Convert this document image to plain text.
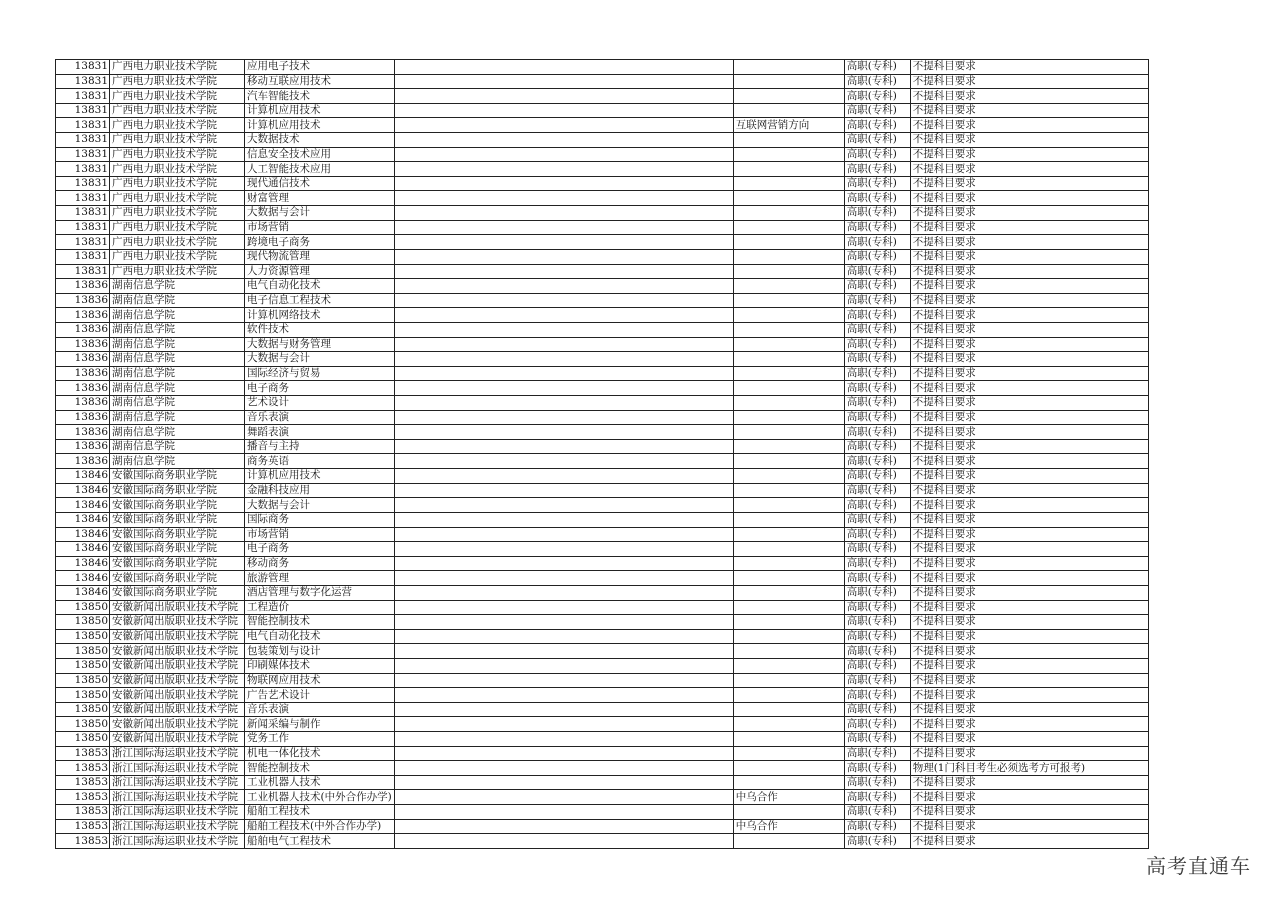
13831	广西电力职业技术学院	应用电子技术			高职(专科)	不提科目要求
13831	广西电力职业技术学院	移动互联应用技术			高职(专科)	不提科目要求
13831	广西电力职业技术学院	汽车智能技术			高职(专科)	不提科目要求
13831	广西电力职业技术学院	计算机应用技术			高职(专科)	不提科目要求
13831	广西电力职业技术学院	计算机应用技术		互联网营销方向	高职(专科)	不提科目要求
13831	广西电力职业技术学院	大数据技术			高职(专科)	不提科目要求
13831	广西电力职业技术学院	信息安全技术应用			高职(专科)	不提科目要求
13831	广西电力职业技术学院	人工智能技术应用			高职(专科)	不提科目要求
13831	广西电力职业技术学院	现代通信技术			高职(专科)	不提科目要求
13831	广西电力职业技术学院	财富管理			高职(专科)	不提科目要求
13831	广西电力职业技术学院	大数据与会计			高职(专科)	不提科目要求
13831	广西电力职业技术学院	市场营销			高职(专科)	不提科目要求
13831	广西电力职业技术学院	跨境电子商务			高职(专科)	不提科目要求
13831	广西电力职业技术学院	现代物流管理			高职(专科)	不提科目要求
13831	广西电力职业技术学院	人力资源管理			高职(专科)	不提科目要求
13836	湖南信息学院	电气自动化技术			高职(专科)	不提科目要求
13836	湖南信息学院	电子信息工程技术			高职(专科)	不提科目要求
13836	湖南信息学院	计算机网络技术			高职(专科)	不提科目要求
13836	湖南信息学院	软件技术			高职(专科)	不提科目要求
13836	湖南信息学院	大数据与财务管理			高职(专科)	不提科目要求
13836	湖南信息学院	大数据与会计			高职(专科)	不提科目要求
13836	湖南信息学院	国际经济与贸易			高职(专科)	不提科目要求
13836	湖南信息学院	电子商务			高职(专科)	不提科目要求
13836	湖南信息学院	艺术设计			高职(专科)	不提科目要求
13836	湖南信息学院	音乐表演			高职(专科)	不提科目要求
13836	湖南信息学院	舞蹈表演			高职(专科)	不提科目要求
13836	湖南信息学院	播音与主持			高职(专科)	不提科目要求
13836	湖南信息学院	商务英语			高职(专科)	不提科目要求
13846	安徽国际商务职业学院	计算机应用技术			高职(专科)	不提科目要求
13846	安徽国际商务职业学院	金融科技应用			高职(专科)	不提科目要求
13846	安徽国际商务职业学院	大数据与会计			高职(专科)	不提科目要求
13846	安徽国际商务职业学院	国际商务			高职(专科)	不提科目要求
13846	安徽国际商务职业学院	市场营销			高职(专科)	不提科目要求
13846	安徽国际商务职业学院	电子商务			高职(专科)	不提科目要求
13846	安徽国际商务职业学院	移动商务			高职(专科)	不提科目要求
13846	安徽国际商务职业学院	旅游管理			高职(专科)	不提科目要求
13846	安徽国际商务职业学院	酒店管理与数字化运营			高职(专科)	不提科目要求
13850	安徽新闻出版职业技术学院	工程造价			高职(专科)	不提科目要求
13850	安徽新闻出版职业技术学院	智能控制技术			高职(专科)	不提科目要求
13850	安徽新闻出版职业技术学院	电气自动化技术			高职(专科)	不提科目要求
13850	安徽新闻出版职业技术学院	包装策划与设计			高职(专科)	不提科目要求
13850	安徽新闻出版职业技术学院	印刷媒体技术			高职(专科)	不提科目要求
13850	安徽新闻出版职业技术学院	物联网应用技术			高职(专科)	不提科目要求
13850	安徽新闻出版职业技术学院	广告艺术设计			高职(专科)	不提科目要求
13850	安徽新闻出版职业技术学院	音乐表演			高职(专科)	不提科目要求
13850	安徽新闻出版职业技术学院	新闻采编与制作			高职(专科)	不提科目要求
13850	安徽新闻出版职业技术学院	党务工作			高职(专科)	不提科目要求
13853	浙江国际海运职业技术学院	机电一体化技术			高职(专科)	不提科目要求
13853	浙江国际海运职业技术学院	智能控制技术			高职(专科)	物理(1门科目考生必须选考方可报考)
13853	浙江国际海运职业技术学院	工业机器人技术			高职(专科)	不提科目要求
13853	浙江国际海运职业技术学院	工业机器人技术(中外合作办学)		中乌合作	高职(专科)	不提科目要求
13853	浙江国际海运职业技术学院	船舶工程技术			高职(专科)	不提科目要求
13853	浙江国际海运职业技术学院	船舶工程技术(中外合作办学)		中乌合作	高职(专科)	不提科目要求
13853	浙江国际海运职业技术学院	船舶电气工程技术			高职(专科)	不提科目要求
高考直通车
